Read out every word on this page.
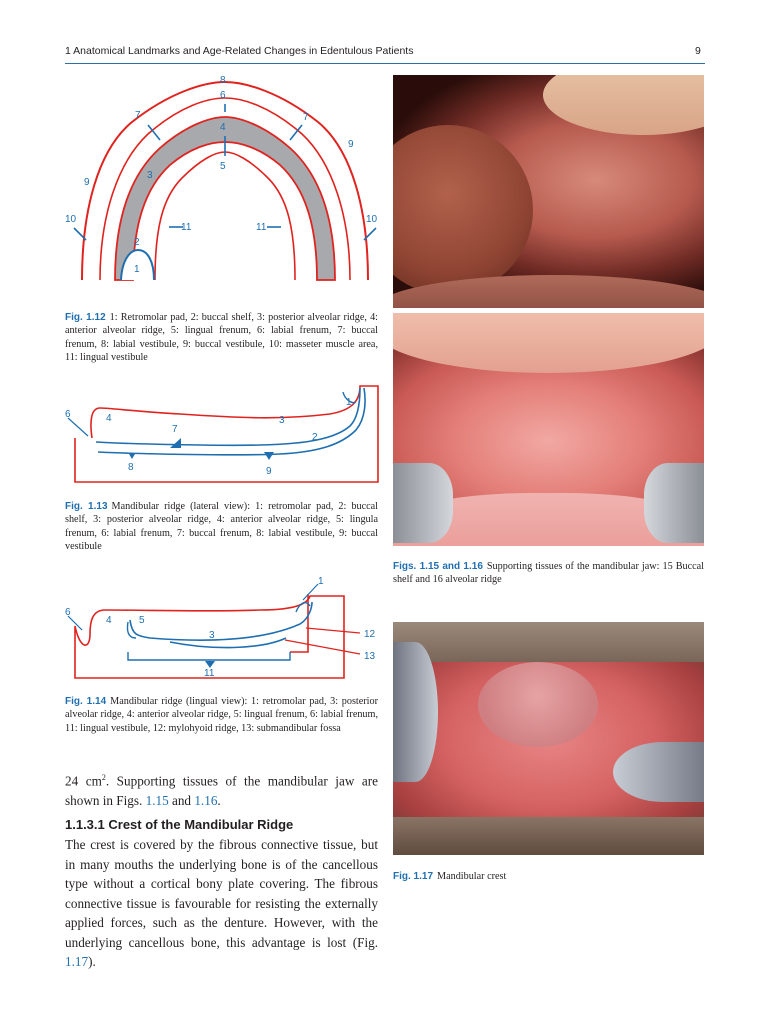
1 Anatomical Landmarks and Age-Related Changes in Edentulous Patients	9
8
6
7
4
7
9
5
3
9
10
11	11
10
2
1
Fig. 1.12 1: Retromolar pad, 2: buccal shelf, 3: posterior alveolar ridge, 4: anterior alveolar ridge, 5: lingual frenum, 6: labial frenum, 7: buccal frenum, 8: labial vestibule, 9: buccal vestibule, 10: masseter muscle area, 11: lingual vestibule
6	4	3
1
7
2
8	9
Fig. 1.13 Mandibular ridge (lateral view): 1: retromolar pad, 2: buccal shelf, 3: posterior alveolar ridge, 4: anterior alveolar ridge, 5: lingula frenum, 6: labial frenum, 7: buccal frenum, 8: labial vestibule, 9: buccal vestibule
1
6
4	5
12
3
13
11
Fig. 1.14 Mandibular ridge (lingual view): 1: retromolar pad, 3: posterior alveolar ridge, 4: anterior alveolar ridge, 5: lingual frenum, 6: labial frenum, 11: lingual vestibule, 12: mylohyoid ridge, 13: submandibular fossa
24 $cm^2$. Supporting tissues of the mandibular jaw are shown in Figs. 1.15 and 1.16.
1.1.3.1 Crest of the Mandibular Ridge
The crest is covered by the fibrous connective tissue, but in many mouths the underlying bone is of the cancellous type without a cortical bony plate covering. The fibrous connective tissue is favourable for resisting the externally applied forces, such as the denture. However, with the underlying cancellous bone, this advantage is lost (Fig. 1.17).
Figs. 1.15 and 1.16 Supporting tissues of the mandibular jaw: 15 Buccal shelf and 16 alveolar ridge
Fig. 1.17 Mandibular crest
